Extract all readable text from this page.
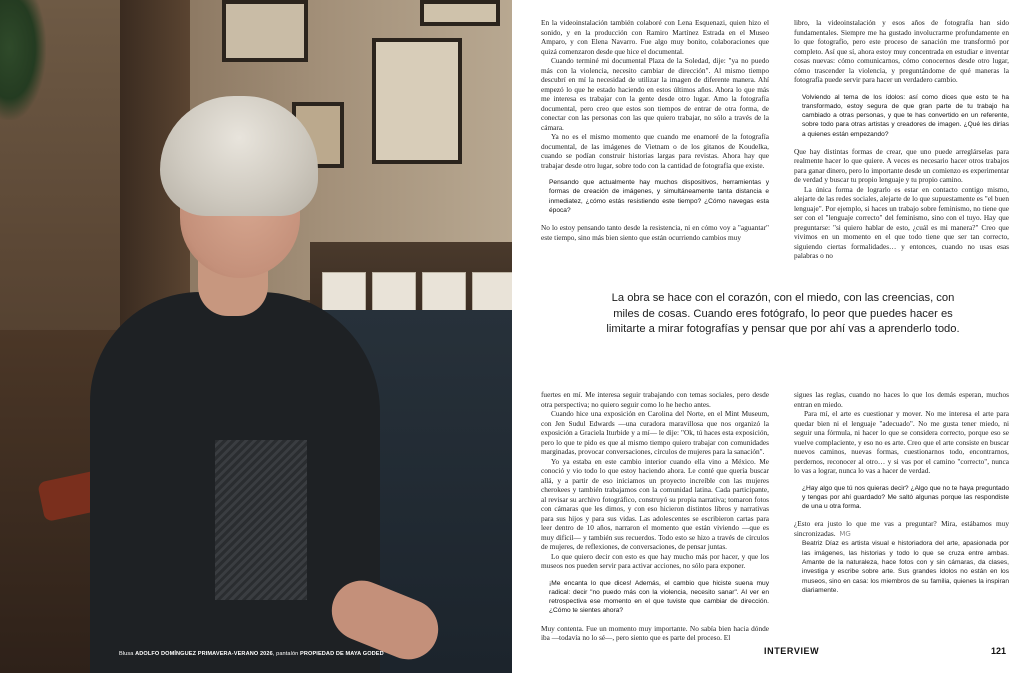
Blusa ADOLFO DOMÍNGUEZ PRIMAVERA-VERANO 2026, pantalón PROPIEDAD DE MAYA GODED

En la videoinstalación también colaboré con Lena Esquenazi, quien hizo el sonido, y en la producción con Ramiro Martínez Estrada en el Museo Amparo, y con Elena Navarro. Fue algo muy bonito, colaboraciones que quizá comenzaron desde que hice el documental.

Cuando terminé mi documental Plaza de la Soledad, dije: "ya no puedo más con la violencia, necesito cambiar de dirección". Al mismo tiempo descubrí en mí la necesidad de utilizar la imagen de diferente manera. Ahí empezó lo que he estado haciendo en estos últimos años. Ahora lo que más me interesa es trabajar con la gente desde otro lugar. Amo la fotografía documental, pero creo que estos son tiempos de entrar de otra forma, de conectar con las personas con las que quiero trabajar, no sólo a través de la cámara.

Ya no es el mismo momento que cuando me enamoré de la fotografía documental, de las imágenes de Vietnam o de los gitanos de Koudelka, cuando se podían construir historias largas para revistas. Ahora hay que trabajar desde otro lugar, sobre todo con la cantidad de fotografía que existe.

Pensando que actualmente hay muchos dispositivos, herramientas y formas de creación de imágenes, y simultáneamente tanta distancia e inmediatez, ¿cómo estás resistiendo este tiempo? ¿Cómo navegas esta época?

No lo estoy pensando tanto desde la resistencia, ni en cómo voy a "aguantar" este tiempo, sino más bien siento que están ocurriendo cambios muy

libro, la videoinstalación y esos años de fotografía han sido fundamentales. Siempre me ha gustado involucrarme profundamente en lo que fotografío, pero este proceso de sanación me transformó por completo. Así que sí, ahora estoy muy concentrada en estudiar e inventar cosas nuevas: cómo comunicarnos, cómo conocernos desde otro lugar, cómo trascender la violencia, y preguntándome de qué maneras la fotografía puede servir para hacer un verdadero cambio.

Volviendo al tema de los ídolos: así como dices que esto te ha transformado, estoy segura de que gran parte de tu trabajo ha cambiado a otras personas, y que te has convertido en un referente, sobre todo para otras artistas y creadores de imagen. ¿Qué les dirías a quienes están empezando?

Que hay distintas formas de crear, que uno puede arreglárselas para realmente hacer lo que quiere. A veces es necesario hacer otros trabajos para ganar dinero, pero lo importante desde un comienzo es experimentar de verdad y buscar tu propio lenguaje y tu propio camino.

La única forma de lograrlo es estar en contacto contigo mismo, alejarte de las redes sociales, alejarte de lo que supuestamente es "el buen lenguaje". Por ejemplo, si haces un trabajo sobre feminismo, no tiene que ser con el "lenguaje correcto" del feminismo, sino con el tuyo. Hay que preguntarse: "si quiero hablar de esto, ¿cuál es mi manera?" Creo que vivimos en un momento en el que todo tiene que ser tan correcto, siguiendo ciertas formalidades… y entonces, cuando no usas esas palabras o no

La obra se hace con el corazón, con el miedo, con las creencias, con miles de cosas. Cuando eres fotógrafo, lo peor que puedes hacer es limitarte a mirar fotografías y pensar que por ahí vas a aprenderlo todo.

fuertes en mí. Me interesa seguir trabajando con temas sociales, pero desde otra perspectiva; no quiero seguir como lo he hecho antes.

Cuando hice una exposición en Carolina del Norte, en el Mint Museum, con Jen Sudul Edwards —una curadora maravillosa que nos organizó la exposición a Graciela Iturbide y a mí— le dije: "Ok, tú haces esta exposición, pero lo que te pido es que al mismo tiempo quiero trabajar con comunidades marginadas, provocar conversaciones, círculos de mujeres para la sanación".

Yo ya estaba en este cambio interior cuando ella vino a México. Me conoció y vio todo lo que estoy haciendo ahora. Le conté que quería buscar allá, y a partir de eso iniciamos un proyecto increíble con las mujeres cherokees y también trabajamos con la comunidad latina. Cada participante, al revisar su archivo fotográfico, construyó su propia narrativa; tomaron fotos con cámaras que les dimos, y con eso hicieron distintos libros y narrativas para sus hijos y para sus vidas. Las adolescentes se escribieron cartas para leer dentro de 10 años, narraron el momento que están viviendo —que es muy difícil— y también sus recuerdos. Todo esto se hizo a través de círculos de mujeres, de reflexiones, de conversaciones, de pensar juntas.

Lo que quiero decir con esto es que hay mucho más por hacer, y que los museos nos pueden servir para activar acciones, no sólo para exponer.

¡Me encanta lo que dices! Además, el cambio que hiciste suena muy radical: decir "no puedo más con la violencia, necesito sanar". Al ver en retrospectiva ese momento en el que tuviste que cambiar de dirección. ¿Cómo te sientes ahora?

Muy contenta. Fue un momento muy importante. No sabía bien hacia dónde iba —todavía no lo sé—, pero siento que es parte del proceso. El

sigues las reglas, cuando no haces lo que los demás esperan, muchos entran en miedo.

Para mí, el arte es cuestionar y mover. No me interesa el arte para quedar bien ni el lenguaje "adecuado". No me gusta tener miedo, ni seguir una fórmula, ni hacer lo que se considera correcto, porque eso se vuelve complaciente, y eso no es arte. Creo que el arte consiste en buscar nuevos caminos, nuevas formas, cuestionarnos todo, encontrarnos, perdernos, reconocer al otro… y si vas por el camino "correcto", nunca lo vas a lograr, nunca lo vas a hacer de verdad.

¿Hay algo que tú nos quieras decir? ¿Algo que no te haya preguntado y tengas por ahí guardado? Me saltó algunas porque las respondiste de una u otra forma.

¿Esto era justo lo que me vas a preguntar? Mira, estábamos muy sincronizadas. MG

Beatriz Díaz es artista visual e historiadora del arte, apasionada por las imágenes, las historias y todo lo que se cruza entre ambas. Amante de la naturaleza, hace fotos con y sin cámaras, da clases, investiga y escribe sobre arte. Sus grandes ídolos no están en los museos, sino en casa: los miembros de su familia, quienes la inspiran diariamente.

INTERVIEW	121
